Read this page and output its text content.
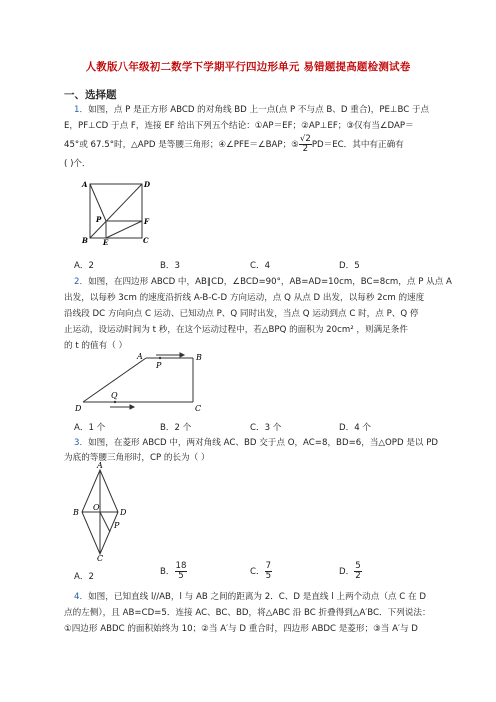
人教版八年级初二数学下学期平行四边形单元 易错题提高题检测试卷
一、选择题
1．如图，点 P 是正方形 ABCD 的对角线 BD 上一点(点 P 不与点 B、D 重合)，PE⊥BC 于点
E，PF⊥CD 于点 F，连接 EF 给出下列五个结论：①AP＝EF；②AP⊥EF；③仅有当∠DAP＝
45°或 67.5°时，△APD 是等腰三角形；④∠PFE＝∠BAP；⑤ $\frac{√2}{2} PD=EC$．其中有正确有
( )个．
A	D
F
P
B E	C
A．2	B．3	C．4	D．5
2．如图，在四边形 ABCD 中，AB∥CD，∠BCD=90°，AB=AD=10cm，BC=8cm，点 P 从点 A
出发，以每秒 3cm 的速度沿折线 A-B-C-D 方向运动，点 Q 从点 D 出发，以每秒 2cm 的速度
沿线段 DC 方向向点 C 运动、已知动点 P、Q 同时出发，当点 Q 运动到点 C 时，点 P、Q 停
止运动，设运动时间为 t 秒，在这个运动过程中，若△BPQ 的面积为 20cm² ，则满足条件
的 t 的值有（ ）
A	B
P
Q
D	C
A．1 个	B．2 个	C．3 个	D．4 个
3．如图，在菱形 ABCD 中，两对角线 AC、BD 交于点 O，AC=8，BD=6，当△OPD 是以 PD
为底的等腰三角形时，CP 的长为（ ）
A
B
O
D
P
C
A．2	B． $\frac{18}{5}$	C． $\frac{7}{5}$	D． $\frac{5}{2}$
4．如图，已知直线 l//AB，l 与 AB 之间的距离为 2．C、D 是直线 l 上两个动点（点 C 在 D
点的左侧），且 AB=CD=5．连接 AC、BC、BD，将△ABC 沿 BC 折叠得到△A′BC．下列说法：
①四边形 ABDC 的面积始终为 10；②当 A′与 D 重合时，四边形 ABDC 是菱形；③当 A′与 D
